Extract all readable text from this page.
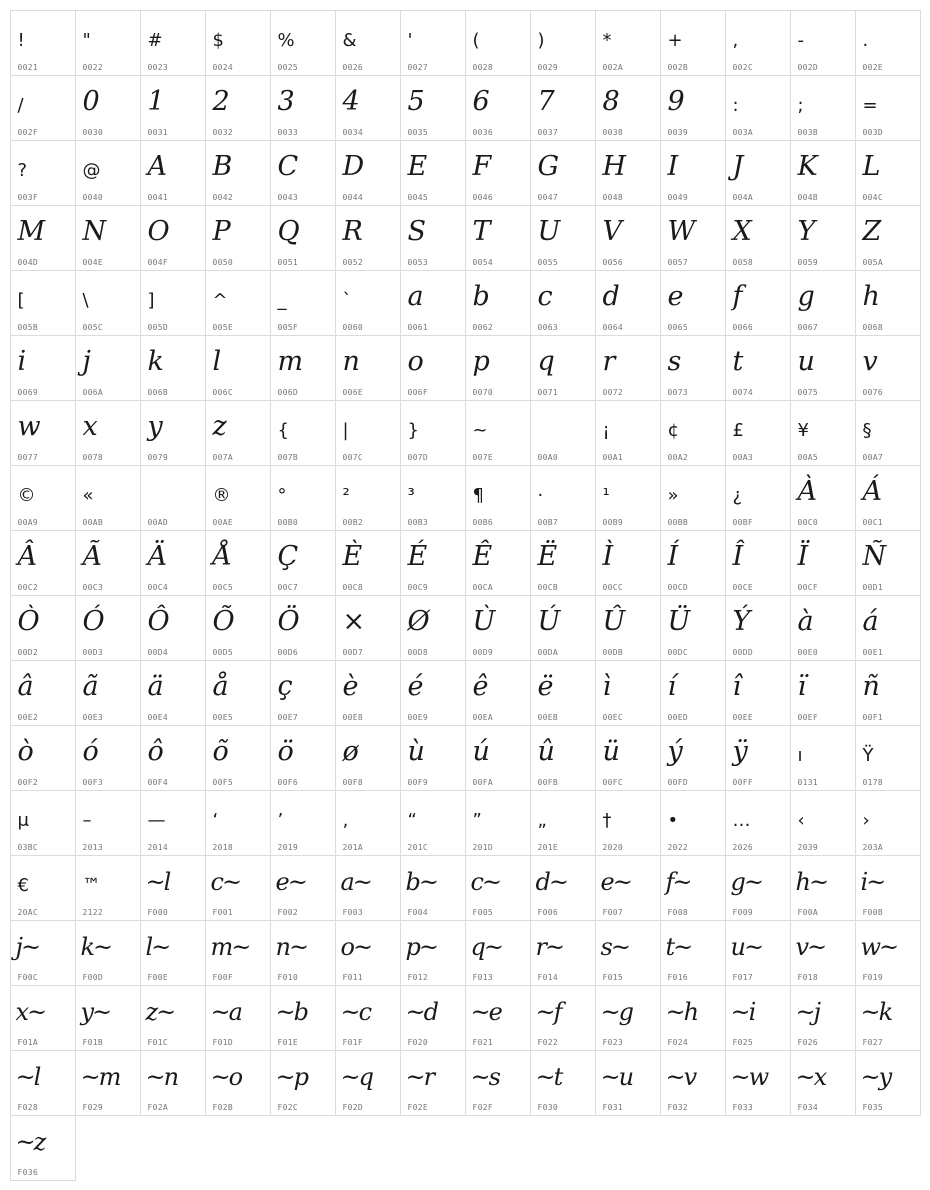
!
0021
"
0022
#
0023
$
0024
%
0025
&
0026
'
0027
(
0028
)
0029
*
002A
+
002B
,
002C
-
002D
.
002E
/
002F
0
0030
1
0031
2
0032
3
0033
4
0034
5
0035
6
0036
7
0037
8
0038
9
0039
:
003A
;
003B
=
003D
?
003F
@
0040
A
0041
B
0042
C
0043
D
0044
E
0045
F
0046
G
0047
H
0048
I
0049
J
004A
K
004B
L
004C
M
004D
N
004E
O
004F
P
0050
Q
0051
R
0052
S
0053
T
0054
U
0055
V
0056
W
0057
X
0058
Y
0059
Z
005A
[
005B
\
005C
]
005D
^
005E
_
005F
`
0060
a
0061
b
0062
c
0063
d
0064
e
0065
f
0066
g
0067
h
0068
i
0069
j
006A
k
006B
l
006C
m
006D
n
006E
o
006F
p
0070
q
0071
r
0072
s
0073
t
0074
u
0075
v
0076
w
0077
x
0078
y
0079
z
007A
{
007B
|
007C
}
007D
~
007E	00A0
¡
00A1
¢
00A2
£
00A3
¥
00A5
§
00A7
©
00A9
«
00AB	00AD
®
00AE
°
00B0
²
00B2
³
00B3
¶
00B6
·
00B7
¹
00B9
»
00BB
¿
00BF
À
00C0
Á
00C1
Â
00C2
Ã
00C3
Ä
00C4
Å
00C5
Ç
00C7
È
00C8
É
00C9
Ê
00CA
Ë
00CB
Ì
00CC
Í
00CD
Î
00CE
Ï
00CF
Ñ
00D1
Ò
00D2
Ó
00D3
Ô
00D4
Õ
00D5
Ö
00D6
×
00D7
Ø
00D8
Ù
00D9
Ú
00DA
Û
00DB
Ü
00DC
Ý
00DD
à
00E0
á
00E1
â
00E2
ã
00E3
ä
00E4
å
00E5
ç
00E7
è
00E8
é
00E9
ê
00EA
ë
00EB
ì
00EC
í
00ED
î
00EE
ï
00EF
ñ
00F1
ò
00F2
ó
00F3
ô
00F4
õ
00F5
ö
00F6
ø
00F8
ù
00F9
ú
00FA
û
00FB
ü
00FC
ý
00FD
ÿ
00FF
ı
0131
Ÿ
0178
μ
03BC
–
2013
—
2014
‘
2018
’
2019
‚
201A
“
201C
”
201D
„
201E
†
2020
•
2022
…
2026
‹
2039
›
203A
€
20AC
™
2122
~l
F000
c~
F001
e~
F002
a~
F003
b~
F004
c~
F005
d~
F006
e~
F007
f~
F008
g~
F009
h~
F00A
i~
F00B
j~
F00C
k~
F00D
l~
F00E
m~
F00F
n~
F010
o~
F011
p~
F012
q~
F013
r~
F014
s~
F015
t~
F016
u~
F017
v~
F018
w~
F019
x~
F01A
y~
F01B
z~
F01C
~a
F01D
~b
F01E
~c
F01F
~d
F020
~e
F021
~f
F022
~g
F023
~h
F024
~i
F025
~j
F026
~k
F027
~l
F028
~m
F029
~n
F02A
~o
F02B
~p
F02C
~q
F02D
~r
F02E
~s
F02F
~t
F030
~u
F031
~v
F032
~w
F033
~x
F034
~y
F035
~z
F036
